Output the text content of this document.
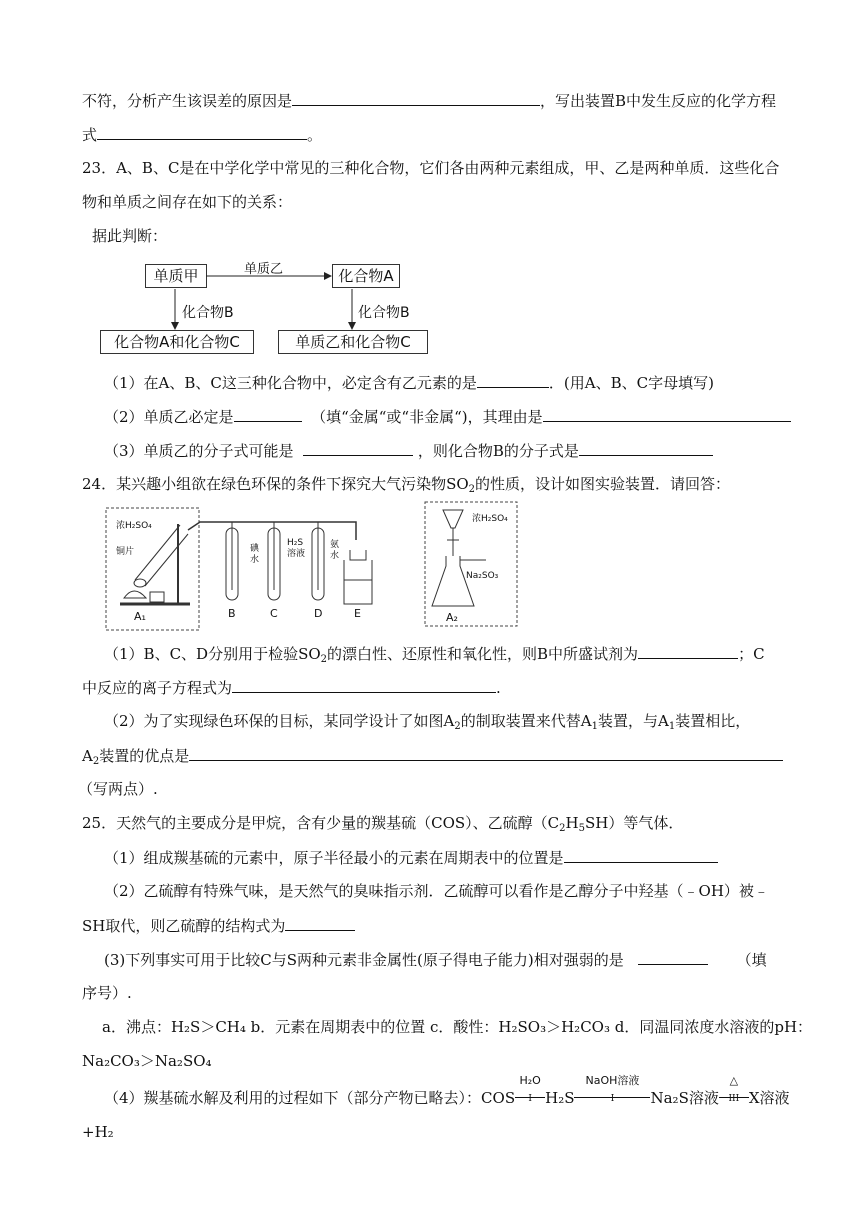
不符，分析产生该误差的原因是	，写出装置B中发生反应的化学方程
式	。
23．A、B、C是在中学化学中常见的三种化合物，它们各由两种元素组成，甲、乙是两种单质．这些化合
物和单质之间存在如下的关系：
据此判断：
单质甲	化合物A
化合物A和化合物C	单质乙和化合物C
单质乙
化合物B	化合物B
（1）在A、B、C这三种化合物中，必定含有乙元素的是	．(用A、B、C字母填写)
（2）单质乙必定是	（填“金属“或“非金属“)，其理由是
（3）单质乙的分子式可能是	，则化合物B的分子式是
24．某兴趣小组欲在绿色环保的条件下探究大气污染物$SO_2$的性质，设计如图实验装置．请回答：
浓H₂SO₄
铜片	碘水
H₂S溶液
氨水
A₁	B	C	D	E
浓H₂SO₄
Na₂SO₃
A₂
（1）B、C、D分别用于检验$SO_2$的漂白性、还原性和氧化性，则B中所盛试剂为	；C
中反应的离子方程式为	.
（2）为了实现绿色环保的目标，某同学设计了如图$A_2$的制取装置来代替$A_1$装置，与$A_1$装置相比，
$A_2$装置的优点是
（写两点）.
25．天然气的主要成分是甲烷，含有少量的羰基硫（COS）、乙硫醇$(C_2H_5SH)$等气体．
（1）组成羰基硫的元素中，原子半径最小的元素在周期表中的位置是
（2）乙硫醇有特殊气味，是天然气的臭味指示剂．乙硫醇可以看作是乙醇分子中羟基（﹣OH）被﹣
SH取代，则乙硫醇的结构式为
(3)下列事实可用于比较C与S两种元素非金属性(原子得电子能力)相对强弱的是	（填
序号）.
a．沸点：H₂S＞CH₄ b．元素在周期表中的位置 c．酸性：H₂SO₃＞H₂CO₃ d．同温同浓度水溶液的pH：
Na₂CO₃＞Na₂SO₄
（4）羰基硫水解及利用的过程如下（部分产物已略去）：COS
H₂O
I H₂S
NaOH溶液
I	Na₂S溶液
△
III X溶液
+H₂
